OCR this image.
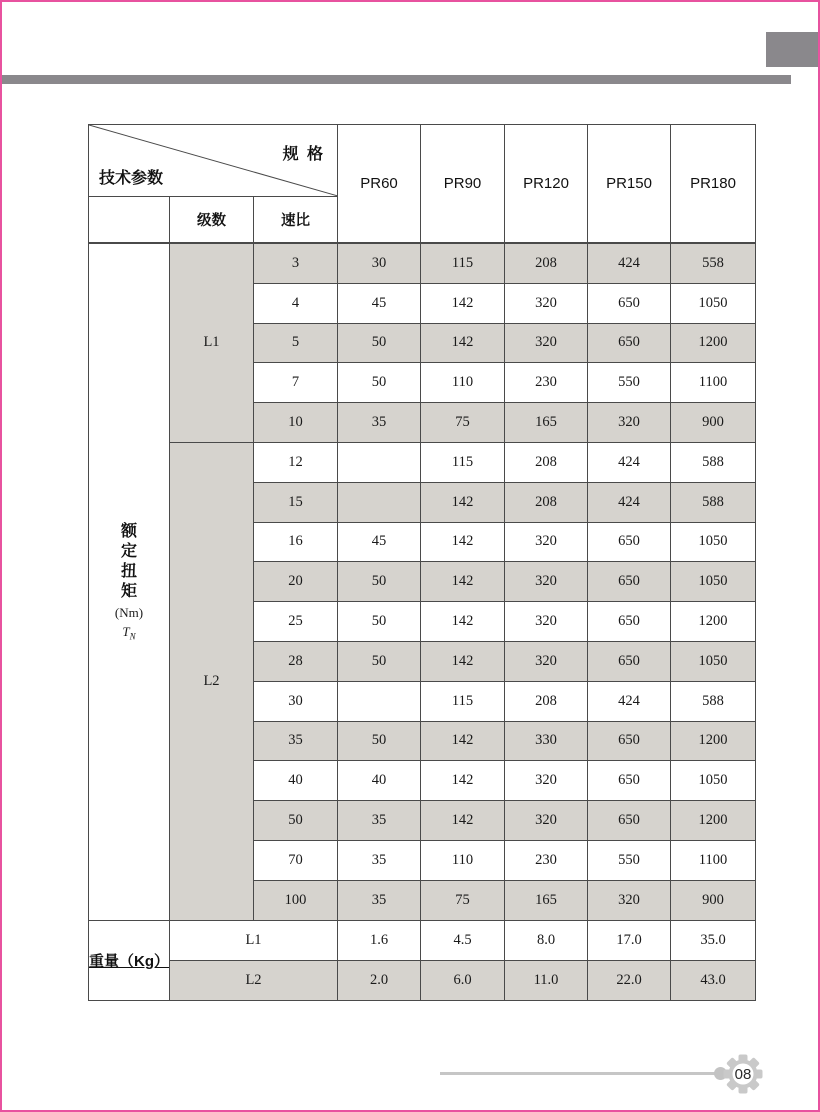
技术参数
规 格			PR60	PR90	PR120	PR150	PR180
	级数	速比					

额定扭矩
(Nm)
$T_N$	L1	3	30	115	208	424	558
		4	45	142	320	650	1050
		5	50	142	320	650	1200
		7	50	110	230	550	1100
		10	35	75	165	320	900
	L2	12		115	208	424	588
		15		142	208	424	588
		16	45	142	320	650	1050
		20	50	142	320	650	1050
		25	50	142	320	650	1200
		28	50	142	320	650	1050
		30		115	208	424	588
		35	50	142	330	650	1200
		40	40	142	320	650	1050
		50	35	142	320	650	1200
		70	35	110	230	550	1100
		100	35	75	165	320	900
重量（Kg）	L1		1.6	4.5	8.0	17.0	35.0
	L2		2.0	6.0	11.0	22.0	43.0
08
